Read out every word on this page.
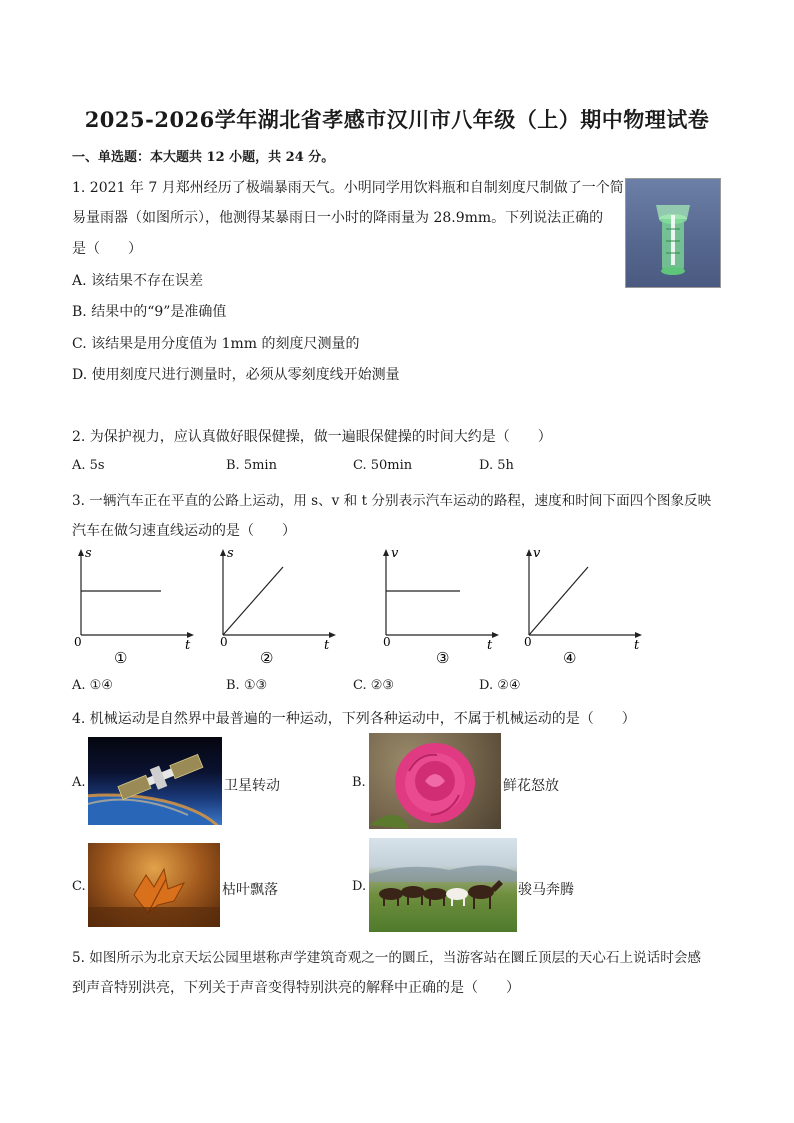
2025-2026学年湖北省孝感市汉川市八年级（上）期中物理试卷
一、单选题：本大题共 12 小题，共 24 分。
1. 2021 年 7 月郑州经历了极端暴雨天气。小明同学用饮料瓶和自制刻度尺制做了一个简
易量雨器（如图所示），他测得某暴雨日一小时的降雨量为 28.9mm。下列说法正确的
是（　　）
A. 该结果不存在误差
B. 结果中的“9”是准确值
C. 该结果是用分度值为 1mm 的刻度尺测量的
D. 使用刻度尺进行测量时，必须从零刻度线开始测量
2. 为保护视力，应认真做好眼保健操，做一遍眼保健操的时间大约是（　　）
A. 5s	B. 5min	C. 50min	D. 5h
3. 一辆汽车正在平直的公路上运动，用 s、v 和 t 分别表示汽车运动的路程，速度和时间下面四个图象反映
汽车在做匀速直线运动的是（　　）
s
t
0
①
s
t
0
②
v
t
0
③
v
t
0
④
A. ①④	B. ①③	C. ②③	D. ②④
4. 机械运动是自然界中最普遍的一种运动，下列各种运动中，不属于机械运动的是（　　）
A.	卫星转动	B.	鲜花怒放
C.	枯叶飘落	D.	骏马奔腾
5. 如图所示为北京天坛公园里堪称声学建筑奇观之一的圜丘，当游客站在圜丘顶层的天心石上说话时会感
到声音特别洪亮，下列关于声音变得特别洪亮的解释中正确的是（　　）
